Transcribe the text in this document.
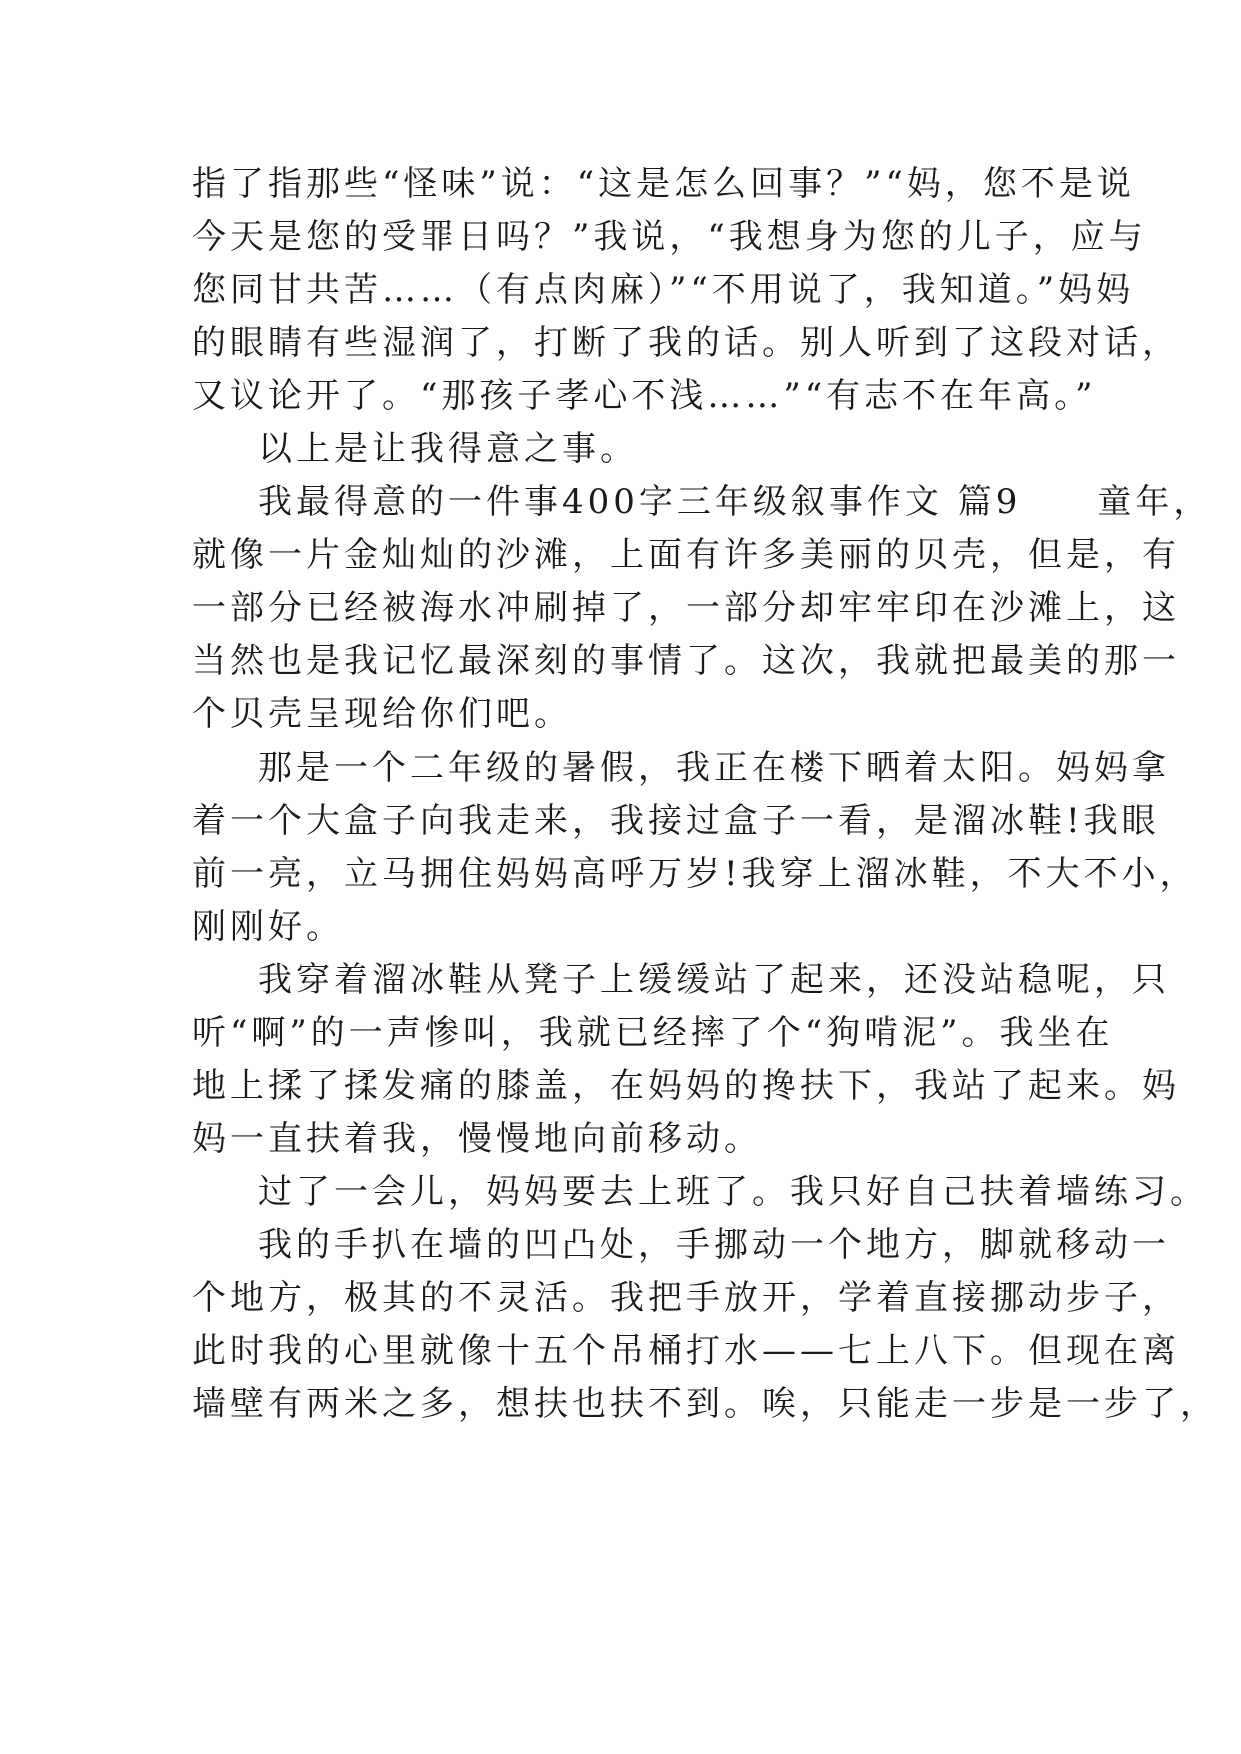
指了指那些“怪味”说：“这是怎么回事？”“妈，您不是说
今天是您的受罪日吗？”我说，“我想身为您的儿子，应与
您同甘共苦……（有点肉麻）”“不用说了，我知道。”妈妈
的眼睛有些湿润了，打断了我的话。别人听到了这段对话，
又议论开了。“那孩子孝心不浅……”“有志不在年高。”
以上是让我得意之事。
我最得意的一件事400字三年级叙事作文 篇9　　童年，
就像一片金灿灿的沙滩，上面有许多美丽的贝壳，但是，有
一部分已经被海水冲刷掉了，一部分却牢牢印在沙滩上，这
当然也是我记忆最深刻的事情了。这次，我就把最美的那一
个贝壳呈现给你们吧。
那是一个二年级的暑假，我正在楼下晒着太阳。妈妈拿
着一个大盒子向我走来，我接过盒子一看，是溜冰鞋!我眼
前一亮，立马拥住妈妈高呼万岁!我穿上溜冰鞋，不大不小，
刚刚好。
我穿着溜冰鞋从凳子上缓缓站了起来，还没站稳呢，只
听“啊”的一声惨叫，我就已经摔了个“狗啃泥”。我坐在
地上揉了揉发痛的膝盖，在妈妈的搀扶下，我站了起来。妈
妈一直扶着我，慢慢地向前移动。
过了一会儿，妈妈要去上班了。我只好自己扶着墙练习。
我的手扒在墙的凹凸处，手挪动一个地方，脚就移动一
个地方，极其的不灵活。我把手放开，学着直接挪动步子，
此时我的心里就像十五个吊桶打水——七上八下。但现在离
墙壁有两米之多，想扶也扶不到。唉，只能走一步是一步了，
